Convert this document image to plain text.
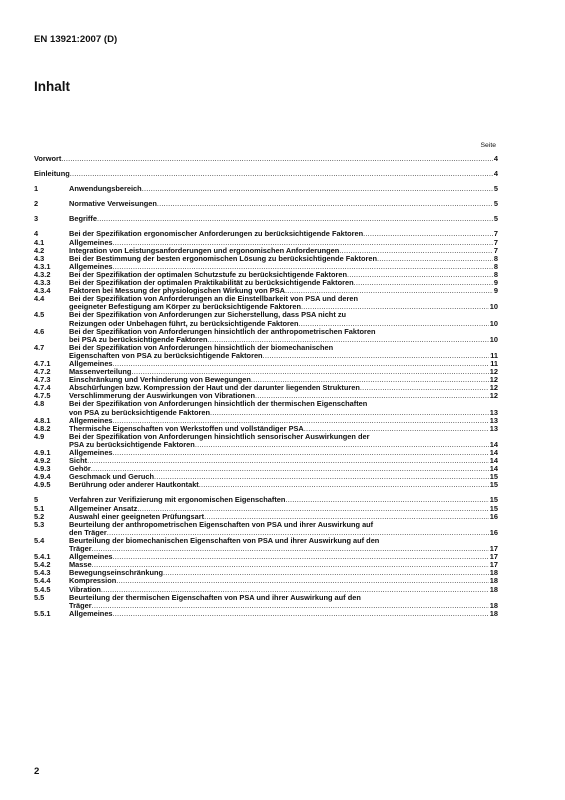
EN 13921:2007 (D)
Inhalt
Seite
Vorwort .....	4
Einleitung .....	4
1	Anwendungsbereich .....	5
2	Normative Verweisungen .....	5
3	Begriffe .....	5
4	Bei der Spezifikation ergonomischer Anforderungen zu berücksichtigende Faktoren .....	7
4.1	Allgemeines .....	7
4.2	Integration von Leistungsanforderungen und ergonomischen Anforderungen .....	7
4.3	Bei der Bestimmung der besten ergonomischen Lösung zu berücksichtigende Faktoren .....	8
4.3.1	Allgemeines .....	8
4.3.2	Bei der Spezifikation der optimalen Schutzstufe zu berücksichtigende Faktoren .....	8
4.3.3	Bei der Spezifikation der optimalen Praktikabilität zu berücksichtigende Faktoren .....	9
4.3.4	Faktoren bei Messung der physiologischen Wirkung von PSA .....	9
4.4	Bei der Spezifikation von Anforderungen an die Einstellbarkeit von PSA und deren
geeigneter Befestigung am Körper zu berücksichtigende Faktoren .....	10
4.5	Bei der Spezifikation von Anforderungen zur Sicherstellung, dass PSA nicht zu
Reizungen oder Unbehagen führt, zu berücksichtigende Faktoren .....	10
4.6	Bei der Spezifikation von Anforderungen hinsichtlich der anthropometrischen Faktoren
bei PSA zu berücksichtigende Faktoren .....	10
4.7	Bei der Spezifikation von Anforderungen hinsichtlich der biomechanischen
Eigenschaften von PSA zu berücksichtigende Faktoren .....	11
4.7.1	Allgemeines .....	11
4.7.2	Massenverteilung .....	12
4.7.3	Einschränkung und Verhinderung von Bewegungen .....	12
4.7.4	Abschürfungen bzw. Kompression der Haut und der darunter liegenden Strukturen .....	12
4.7.5	Verschlimmerung der Auswirkungen von Vibrationen .....	12
4.8	Bei der Spezifikation von Anforderungen hinsichtlich der thermischen Eigenschaften
von PSA zu berücksichtigende Faktoren .....	13
4.8.1	Allgemeines .....	13
4.8.2	Thermische Eigenschaften von Werkstoffen und vollständiger PSA .....	13
4.9	Bei der Spezifikation von Anforderungen hinsichtlich sensorischer Auswirkungen der
PSA zu berücksichtigende Faktoren .....	14
4.9.1	Allgemeines .....	14
4.9.2	Sicht .....	14
4.9.3	Gehör .....	14
4.9.4	Geschmack und Geruch .....	15
4.9.5	Berührung oder anderer Hautkontakt .....	15
5	Verfahren zur Verifizierung mit ergonomischen Eigenschaften .....	15
5.1	Allgemeiner Ansatz .....	15
5.2	Auswahl einer geeigneten Prüfungsart .....	16
5.3	Beurteilung der anthropometrischen Eigenschaften von PSA und ihrer Auswirkung auf
den Träger .....	16
5.4	Beurteilung der biomechanischen Eigenschaften von PSA und ihrer Auswirkung auf den
Träger .....	17
5.4.1	Allgemeines .....	17
5.4.2	Masse .....	17
5.4.3	Bewegungseinschränkung .....	18
5.4.4	Kompression .....	18
5.4.5	Vibration .....	18
5.5	Beurteilung der thermischen Eigenschaften von PSA und ihrer Auswirkung auf den
Träger .....	18
5.5.1	Allgemeines .....	18
2
